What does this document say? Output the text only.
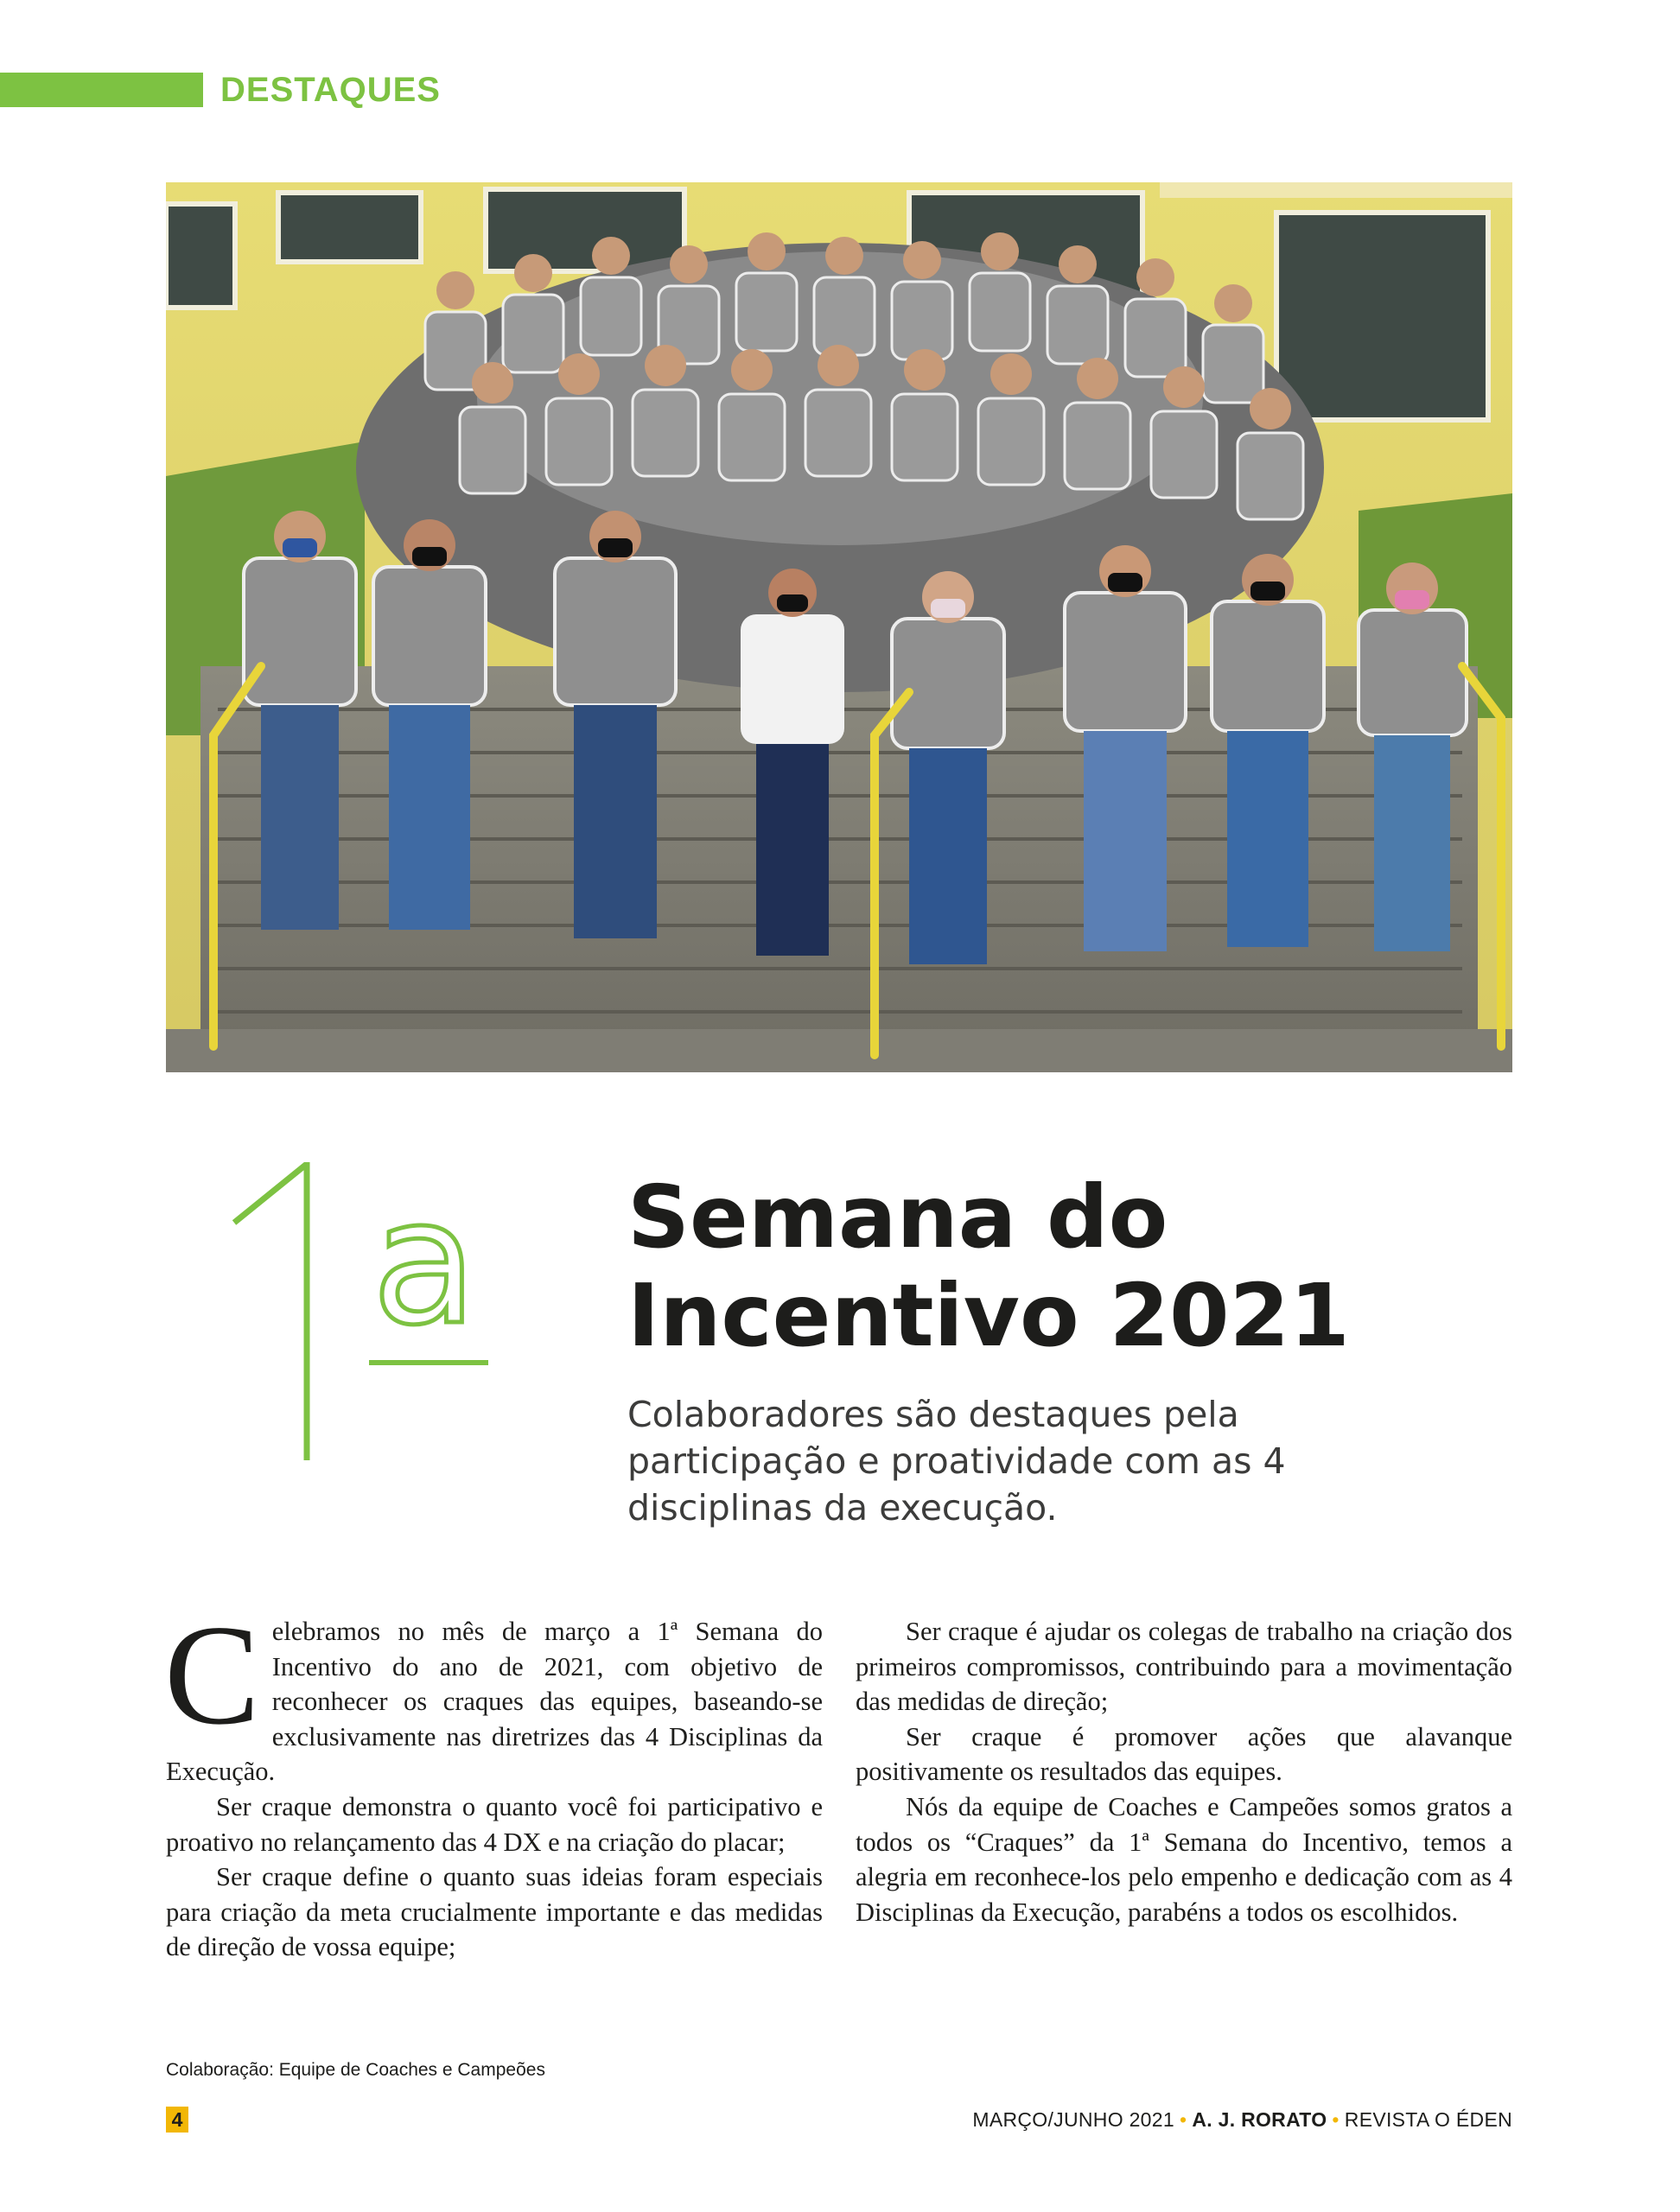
DESTAQUES
a Semana do
Incentivo 2021

Colaboradores são destaques pela
participação e proatividade com as 4
disciplinas da execução.

Celebramos no mês de março a 1ª Semana do Incentivo do ano de 2021, com objetivo de reconhecer os craques das equipes, baseando-se exclusivamente nas diretrizes das 4 Disciplinas da Execução.

Ser craque demonstra o quanto você foi participativo e proativo no relançamento das 4 DX e na criação do placar;

Ser craque define o quanto suas ideias foram especiais para criação da meta crucialmente importante e das medidas de direção de vossa equipe;

Ser craque é ajudar os colegas de trabalho na criação dos primeiros compromissos, contribuindo para a movimentação das medidas de direção;

Ser craque é promover ações que alavanque positivamente os resultados das equipes.

Nós da equipe de Coaches e Campeões somos gratos a todos os “Craques” da 1ª Semana do Incentivo, temos a alegria em reconhece-los pelo empenho e dedicação com as 4 Disciplinas da Execução, parabéns a todos os escolhidos.

Colaboração: Equipe de Coaches e Campeões
4	MARÇO/JUNHO 2021 • A. J. RORATO • REVISTA O ÉDEN
